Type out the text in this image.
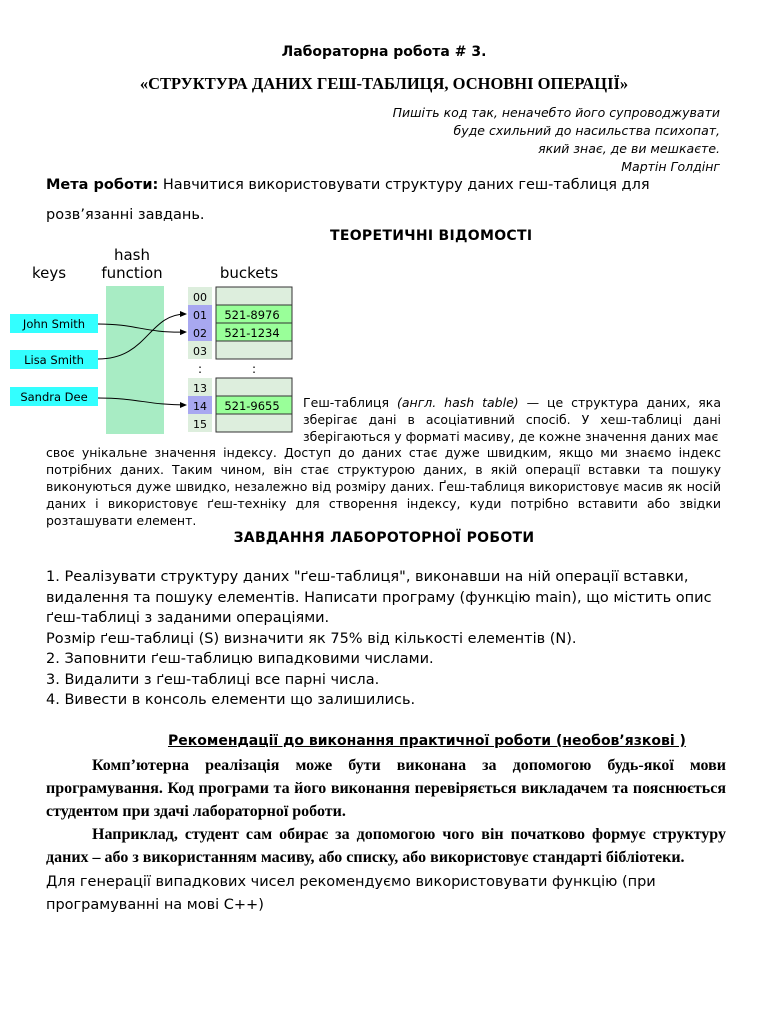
Лабораторна робота # 3.
«СТРУКТУРА ДАНИХ ГЕШ-ТАБЛИЦЯ, ОСНОВНІ ОПЕРАЦІЇ»
Пишіть код так, неначебто його супроводжувати
буде схильний до насильства психопат,
який знає, де ви мешкаєте.
Мартін Голдінг
Мета роботи: Навчитися використовувати структуру даних геш-таблиця для розв’язанні завдань.
ТЕОРЕТИЧНІ ВІДОМОСТІ
keys
hash
function	buckets
John Smith
Lisa Smith
Sandra Dee
00
01
02
03
521-8976
521-1234
:	:
13
14
15
521-9655 Геш-таблиця (англ. hash table) — це структура даних, яка зберігає дані в асоціативний спосіб. У хеш-таблиці дані зберігаються у форматі масиву, де кожне значення даних має
своє унікальне значення індексу. Доступ до даних стає дуже швидким, якщо ми знаємо індекс потрібних даних. Таким чином, він стає структурою даних, в якій операції вставки та пошуку виконуються дуже швидко, незалежно від розміру даних. Ґеш-таблиця використовує масив як носій даних і використовує ґеш-техніку для створення індексу, куди потрібно вставити або звідки розташувати елемент.
ЗАВДАННЯ ЛАБОРОТОРНОЇ РОБОТИ
1. Реалізувати структуру даних "ґеш-таблиця", виконавши на ній операції вставки, видалення та пошуку елементів. Написати програму (функцію main), що містить опис ґеш-таблиці з заданими операціями.
Розмір ґеш-таблиці (S) визначити як 75% від кількості елементів (N).
2. Заповнити ґеш-таблицю випадковими числами.
3. Видалити з ґеш-таблиці все парні числа.
4. Вивести в консоль елементи що залишились.
Рекомендації до виконання практичної роботи (необов’язкові )
Комп’ютерна реалізація може бути виконана за допомогою будь-якої мови програмування. Код програми та його виконання перевіряється викладачем та пояснюється студентом при здачі лабораторної роботи.
Наприклад, студент сам обирає за допомогою чого він початково формує структуру даних – або з використанням масиву, або списку, або використовує стандарті бібліотеки.
Для генерації випадкових чисел рекомендуємо використовувати функцію (при програмуванні на мові С++)
